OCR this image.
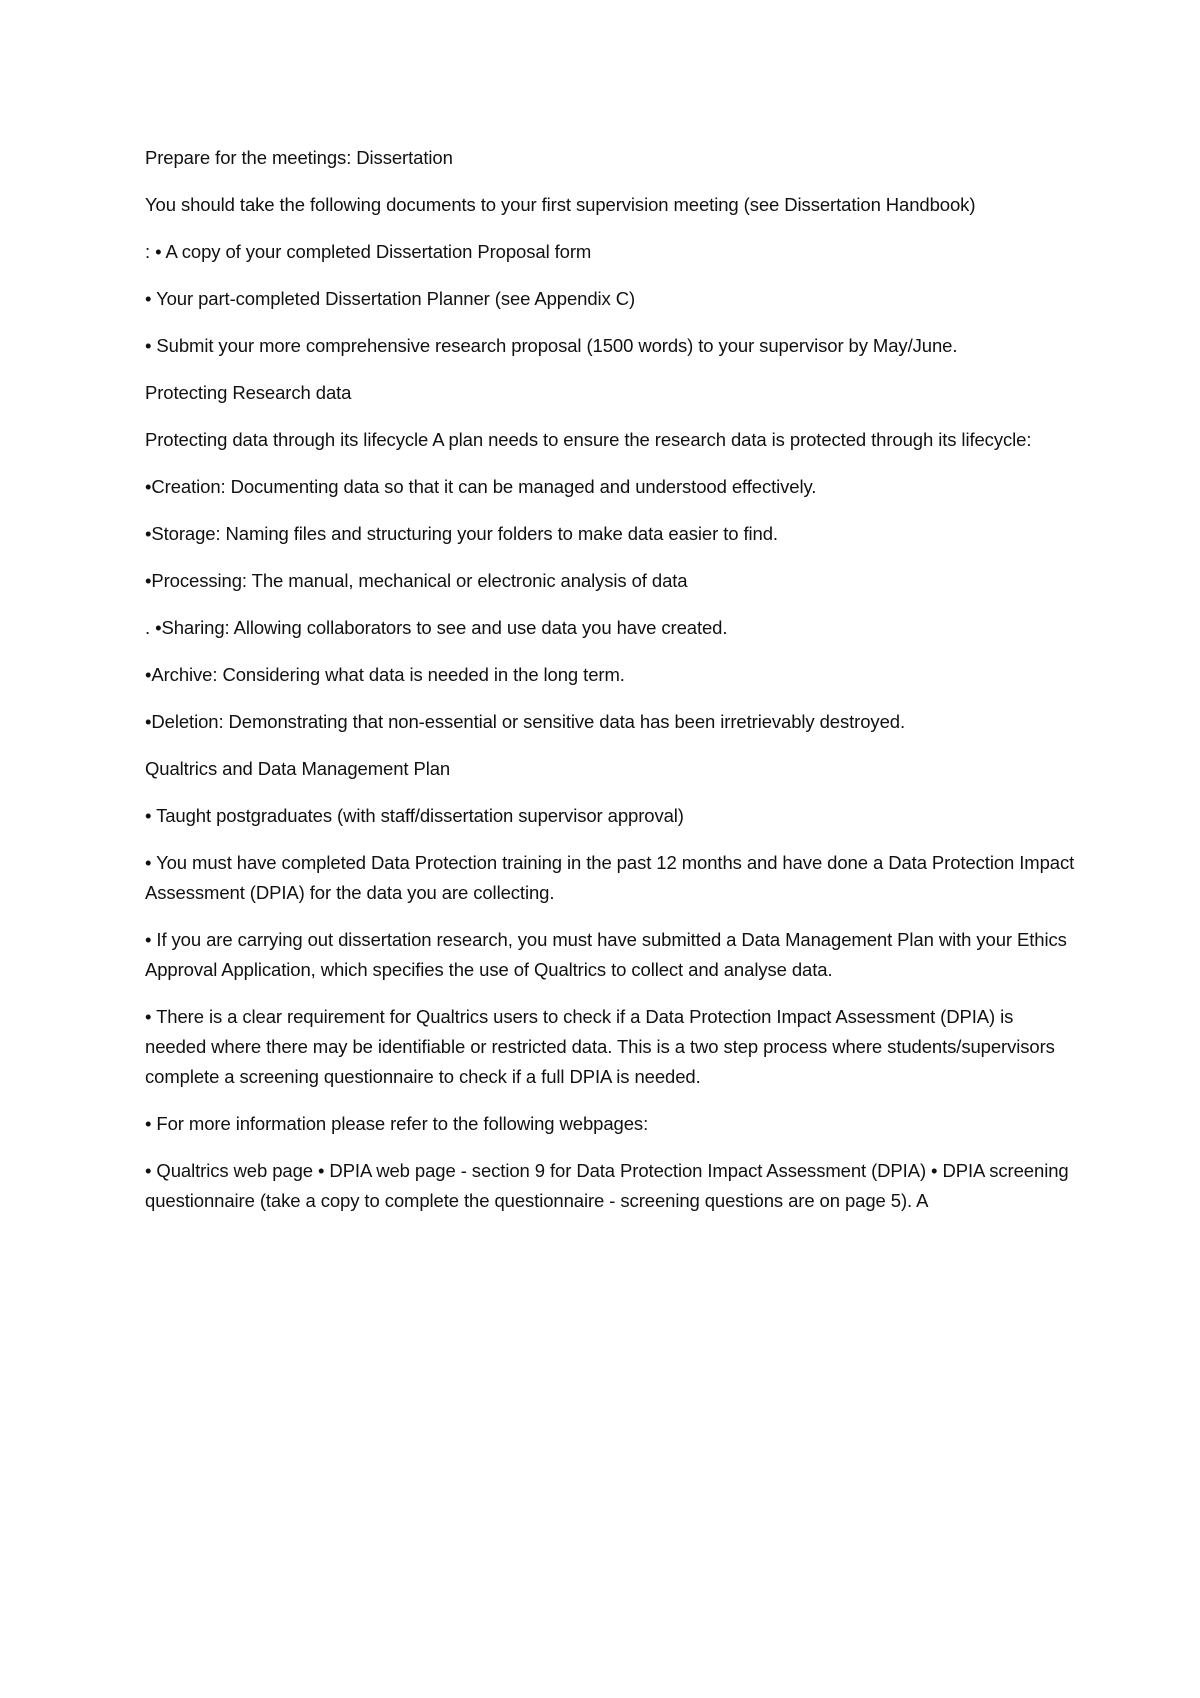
Prepare for the meetings: Dissertation

You should take the following documents to your first supervision meeting (see Dissertation Handbook)

: • A copy of your completed Dissertation Proposal form

• Your part-completed Dissertation Planner (see Appendix C)

• Submit your more comprehensive research proposal (1500 words) to your supervisor by May/June.

Protecting Research data

Protecting data through its lifecycle A plan needs to ensure the research data is protected through its lifecycle:

•Creation: Documenting data so that it can be managed and understood effectively.

•Storage: Naming files and structuring your folders to make data easier to find.

•Processing: The manual, mechanical or electronic analysis of data

. •Sharing: Allowing collaborators to see and use data you have created.

•Archive: Considering what data is needed in the long term.

•Deletion: Demonstrating that non-essential or sensitive data has been irretrievably destroyed.

Qualtrics and Data Management Plan

• Taught postgraduates (with staff/dissertation supervisor approval)

• You must have completed Data Protection training in the past 12 months and have done a Data Protection Impact Assessment (DPIA) for the data you are collecting.

• If you are carrying out dissertation research, you must have submitted a Data Management Plan with your Ethics Approval Application, which specifies the use of Qualtrics to collect and analyse data.

• There is a clear requirement for Qualtrics users to check if a Data Protection Impact Assessment (DPIA) is needed where there may be identifiable or restricted data. This is a two step process where students/supervisors complete a screening questionnaire to check if a full DPIA is needed.

• For more information please refer to the following webpages:

• Qualtrics web page • DPIA web page - section 9 for Data Protection Impact Assessment (DPIA) • DPIA screening questionnaire (take a copy to complete the questionnaire - screening questions are on page 5). A
